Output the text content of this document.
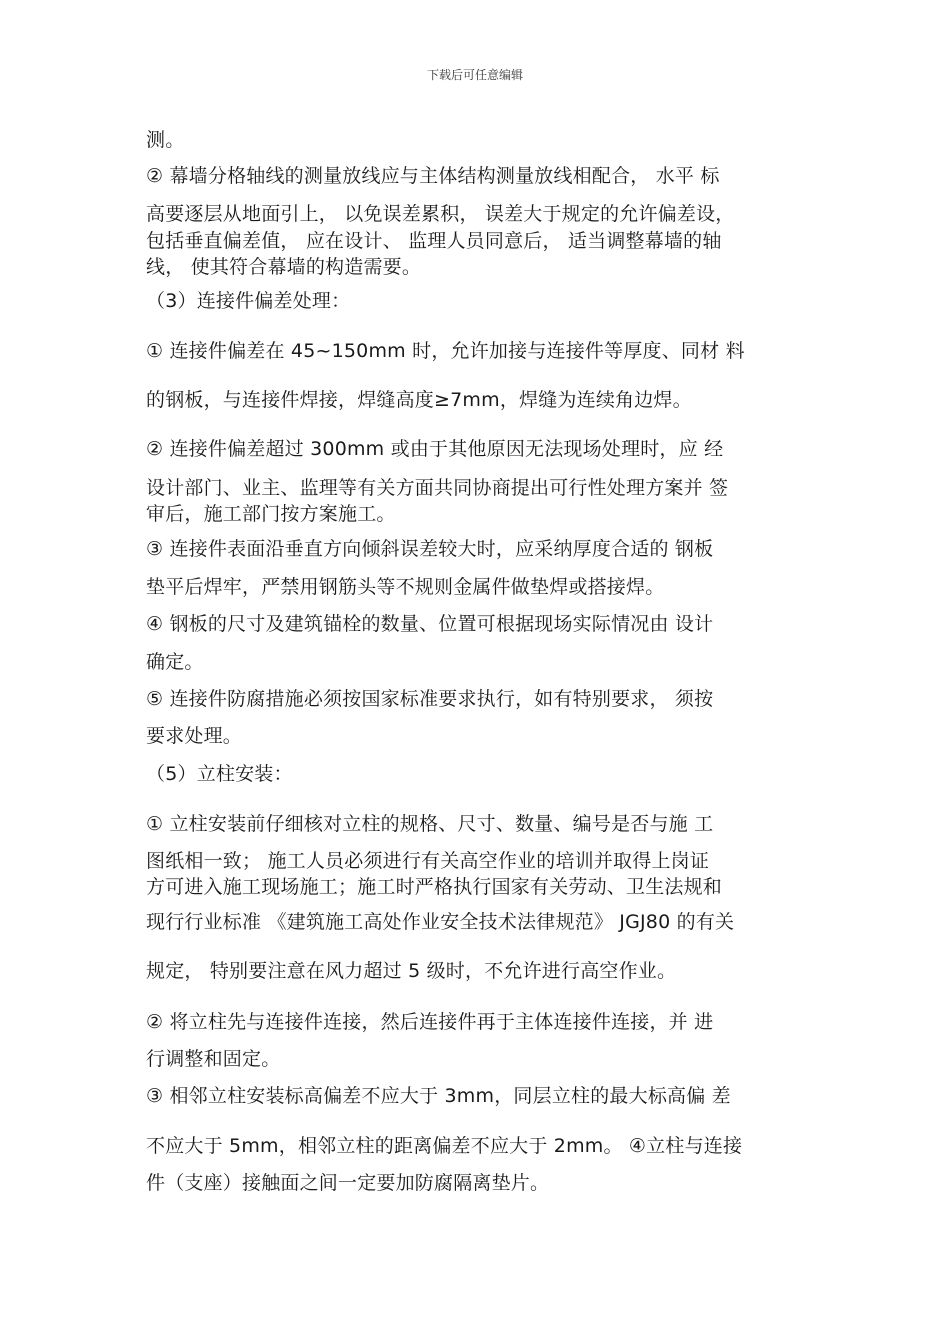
下载后可任意编辑
测。
② 幕墙分格轴线的测量放线应与主体结构测量放线相配合， 水平 标
高要逐层从地面引上， 以免误差累积， 误差大于规定的允许偏差设，
包括垂直偏差值， 应在设计、 监理人员同意后， 适当调整幕墙的轴
线， 使其符合幕墙的构造需要。
（3）连接件偏差处理：
① 连接件偏差在 45~150mm 时，允许加接与连接件等厚度、同材 料
的钢板，与连接件焊接，焊缝高度≥7mm，焊缝为连续角边焊。
② 连接件偏差超过 300mm 或由于其他原因无法现场处理时，应 经
设计部门、业主、监理等有关方面共同协商提出可行性处理方案并 签
审后，施工部门按方案施工。
③ 连接件表面沿垂直方向倾斜误差较大时，应采纳厚度合适的 钢板
垫平后焊牢，严禁用钢筋头等不规则金属件做垫焊或搭接焊。
④ 钢板的尺寸及建筑锚栓的数量、位置可根据现场实际情况由 设计
确定。
⑤ 连接件防腐措施必须按国家标准要求执行，如有特别要求， 须按
要求处理。
（5）立柱安装：
① 立柱安装前仔细核对立柱的规格、尺寸、数量、编号是否与施 工
图纸相一致； 施工人员必须进行有关高空作业的培训并取得上岗证
方可进入施工现场施工；施工时严格执行国家有关劳动、卫生法规和
现行行业标准 《建筑施工高处作业安全技术法律规范》 JGJ80 的有关
规定， 特别要注意在风力超过 5 级时，不允许进行高空作业。
② 将立柱先与连接件连接，然后连接件再于主体连接件连接，并 进
行调整和固定。
③ 相邻立柱安装标高偏差不应大于 3mm，同层立柱的最大标高偏 差
不应大于 5mm，相邻立柱的距离偏差不应大于 2mm。 ④立柱与连接
件（支座）接触面之间一定要加防腐隔离垫片。
